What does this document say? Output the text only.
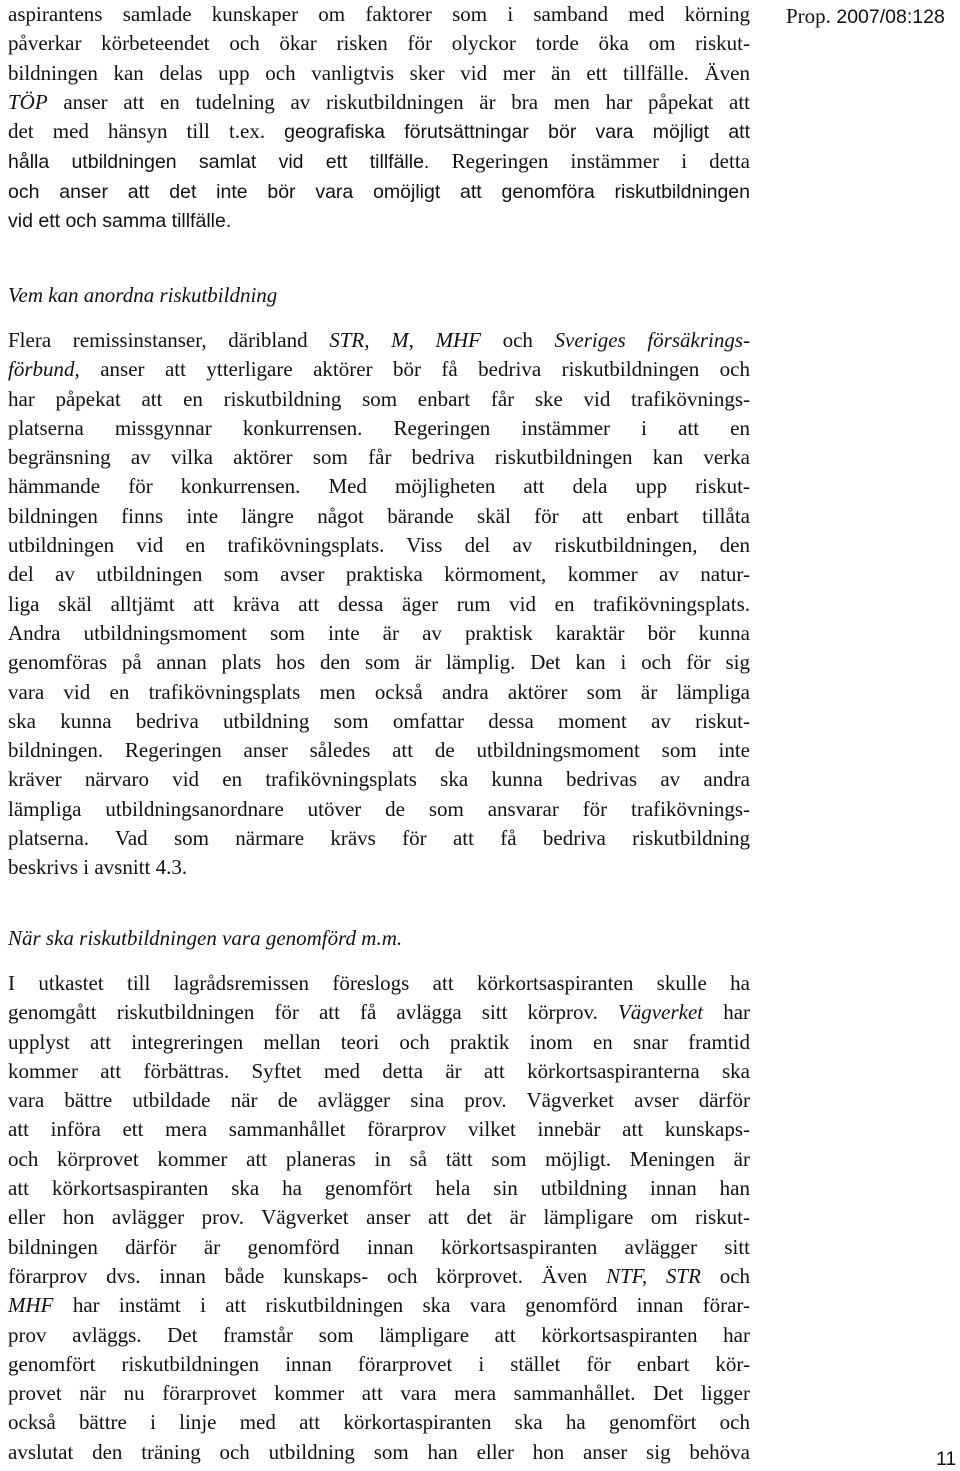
Prop. 2007/08:128
aspirantens samlade kunskaper om faktorer som i samband med körning
påverkar körbeteendet och ökar risken för olyckor torde öka om riskut-
bildningen kan delas upp och vanligtvis sker vid mer än ett tillfälle. Även
TÖP anser att en tudelning av riskutbildningen är bra men har påpekat att
det med hänsyn till t.ex. geografiska förutsättningar bör vara möjligt att
hålla utbildningen samlat vid ett tillfälle. Regeringen instämmer i detta
och anser att det inte bör vara omöjligt att genomföra riskutbildningen
vid ett och samma tillfälle.
Vem kan anordna riskutbildning
Flera remissinstanser, däribland STR, M, MHF och Sveriges försäkrings-
förbund, anser att ytterligare aktörer bör få bedriva riskutbildningen och
har påpekat att en riskutbildning som enbart får ske vid trafikövnings-
platserna missgynnar konkurrensen. Regeringen instämmer i att en
begränsning av vilka aktörer som får bedriva riskutbildningen kan verka
hämmande för konkurrensen. Med möjligheten att dela upp riskut-
bildningen finns inte längre något bärande skäl för att enbart tillåta
utbildningen vid en trafikövningsplats. Viss del av riskutbildningen, den
del av utbildningen som avser praktiska körmoment, kommer av natur-
liga skäl alltjämt att kräva att dessa äger rum vid en trafikövningsplats.
Andra utbildningsmoment som inte är av praktisk karaktär bör kunna
genomföras på annan plats hos den som är lämplig. Det kan i och för sig
vara vid en trafikövningsplats men också andra aktörer som är lämpliga
ska kunna bedriva utbildning som omfattar dessa moment av riskut-
bildningen. Regeringen anser således att de utbildningsmoment som inte
kräver närvaro vid en trafikövningsplats ska kunna bedrivas av andra
lämpliga utbildningsanordnare utöver de som ansvarar för trafikövnings-
platserna. Vad som närmare krävs för att få bedriva riskutbildning
beskrivs i avsnitt 4.3.
När ska riskutbildningen vara genomförd m.m.
I utkastet till lagrådsremissen föreslogs att körkortsaspiranten skulle ha
genomgått riskutbildningen för att få avlägga sitt körprov. Vägverket har
upplyst att integreringen mellan teori och praktik inom en snar framtid
kommer att förbättras. Syftet med detta är att körkortsaspiranterna ska
vara bättre utbildade när de avlägger sina prov. Vägverket avser därför
att införa ett mera sammanhållet förarprov vilket innebär att kunskaps-
och körprovet kommer att planeras in så tätt som möjligt. Meningen är
att körkortsaspiranten ska ha genomfört hela sin utbildning innan han
eller hon avlägger prov. Vägverket anser att det är lämpligare om riskut-
bildningen därför är genomförd innan körkortsaspiranten avlägger sitt
förarprov dvs. innan både kunskaps- och körprovet. Även NTF, STR och
MHF har instämt i att riskutbildningen ska vara genomförd innan förar-
prov avläggs. Det framstår som lämpligare att körkortsaspiranten har
genomfört riskutbildningen innan förarprovet i stället för enbart kör-
provet när nu förarprovet kommer att vara mera sammanhållet. Det ligger
också bättre i linje med att körkortaspiranten ska ha genomfört och
avslutat den träning och utbildning som han eller hon anser sig behöva	11
